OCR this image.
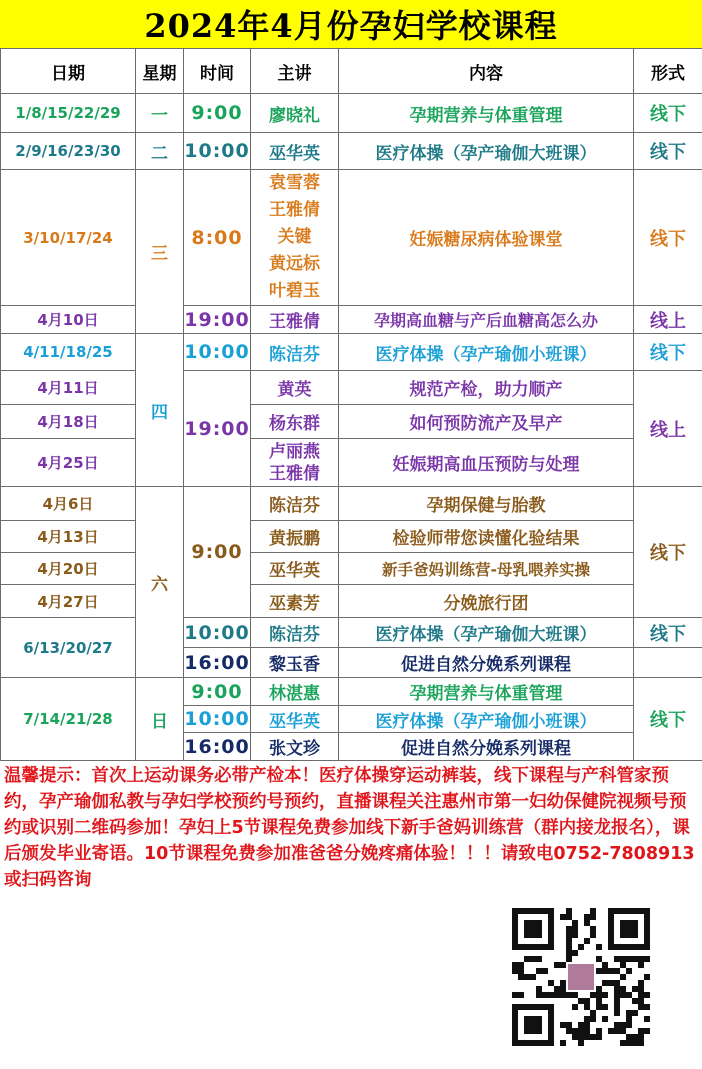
2024年4月份孕妇学校课程
日期	星期	时间	主讲	内容	形式
1/8/15/22/29	一	9:00	廖晓礼	孕期营养与体重管理	线下
2/9/16/23/30	二	10:00	巫华英	医疗体操（孕产瑜伽大班课）	线下
3/10/17/24	三	8:00	袁雪蓉
王雅倩
关键
黄远标
叶碧玉	妊娠糖尿病体验课堂	线下
4月10日		19:00	王雅倩	孕期高血糖与产后血糖高怎么办	线上
4/11/18/25	四	10:00	陈洁芬	医疗体操（孕产瑜伽小班课）	线下
4月11日		19:00	黄英	规范产检，助力顺产	线上
4月18日			杨东群	如何预防流产及早产	
4月25日			卢丽燕
王雅倩	妊娠期高血压预防与处理	
4月6日	六	9:00	陈洁芬	孕期保健与胎教	线下
4月13日			黄振鹏	检验师带您读懂化验结果	
4月20日			巫华英	新手爸妈训练营-母乳喂养实操	
4月27日			巫素芳	分娩旅行团	
6/13/20/27		10:00	陈洁芬	医疗体操（孕产瑜伽大班课）	线下
		16:00	黎玉香	促进自然分娩系列课程	
7/14/21/28	日	9:00	林湛惠	孕期营养与体重管理	线下
		10:00	巫华英	医疗体操（孕产瑜伽小班课）	
		16:00	张文珍	促进自然分娩系列课程	
温馨提示：首次上运动课务必带产检本！医疗体操穿运动裤装，线下课程与产科管家预约，孕产瑜伽私教与孕妇学校预约号预约，直播课程关注惠州市第一妇幼保健院视频号预约或识别二维码参加！孕妇上5节课程免费参加线下新手爸妈训练营（群内接龙报名），课后颁发毕业寄语。10节课程免费参加准爸爸分娩疼痛体验！！！请致电0752-7808913或扫码咨询
